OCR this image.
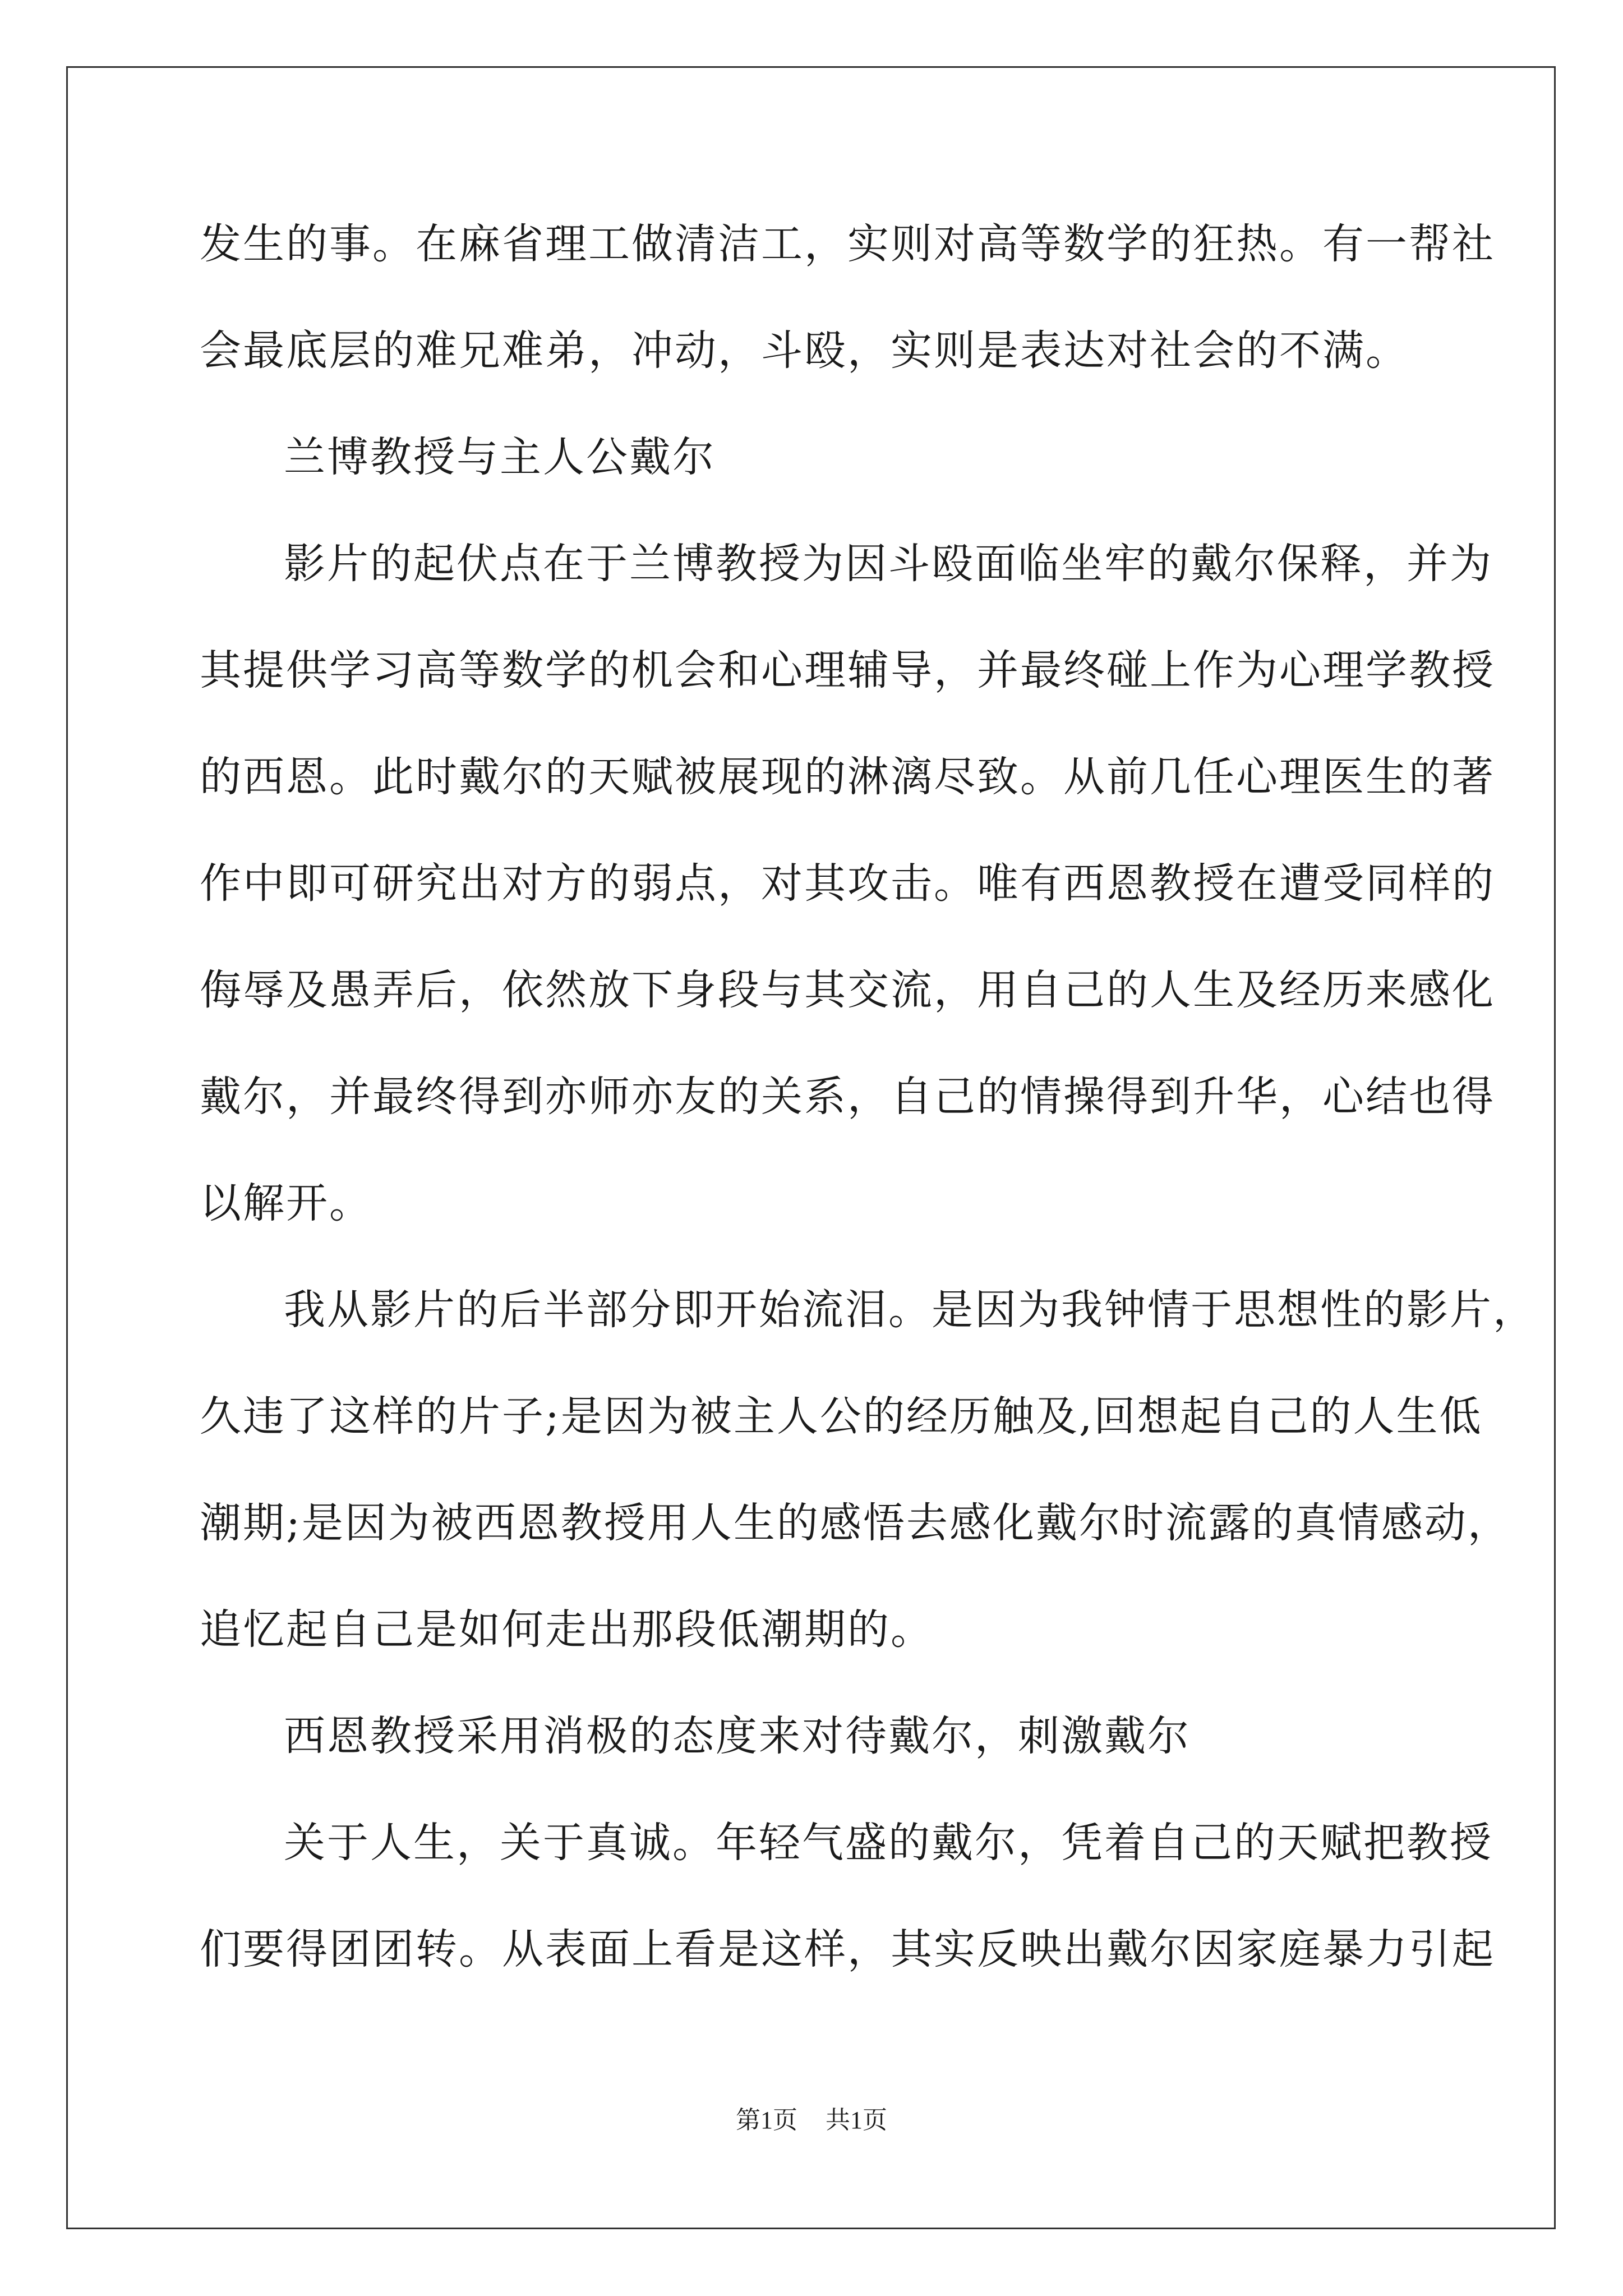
发生的事。在麻省理工做清洁工，实则对高等数学的狂热。有一帮社
会最底层的难兄难弟，冲动，斗殴，实则是表达对社会的不满。
兰博教授与主人公戴尔
影片的起伏点在于兰博教授为因斗殴面临坐牢的戴尔保释，并为
其提供学习高等数学的机会和心理辅导，并最终碰上作为心理学教授
的西恩。此时戴尔的天赋被展现的淋漓尽致。从前几任心理医生的著
作中即可研究出对方的弱点，对其攻击。唯有西恩教授在遭受同样的
侮辱及愚弄后，依然放下身段与其交流，用自己的人生及经历来感化
戴尔，并最终得到亦师亦友的关系，自己的情操得到升华，心结也得
以解开。
我从影片的后半部分即开始流泪。是因为我钟情于思想性的影片，
久违了这样的片子;是因为被主人公的经历触及,回想起自己的人生低
潮期;是因为被西恩教授用人生的感悟去感化戴尔时流露的真情感动，
追忆起自己是如何走出那段低潮期的。
西恩教授采用消极的态度来对待戴尔，刺激戴尔
关于人生，关于真诚。年轻气盛的戴尔，凭着自己的天赋把教授
们要得团团转。从表面上看是这样，其实反映出戴尔因家庭暴力引起
第1页 共1页
